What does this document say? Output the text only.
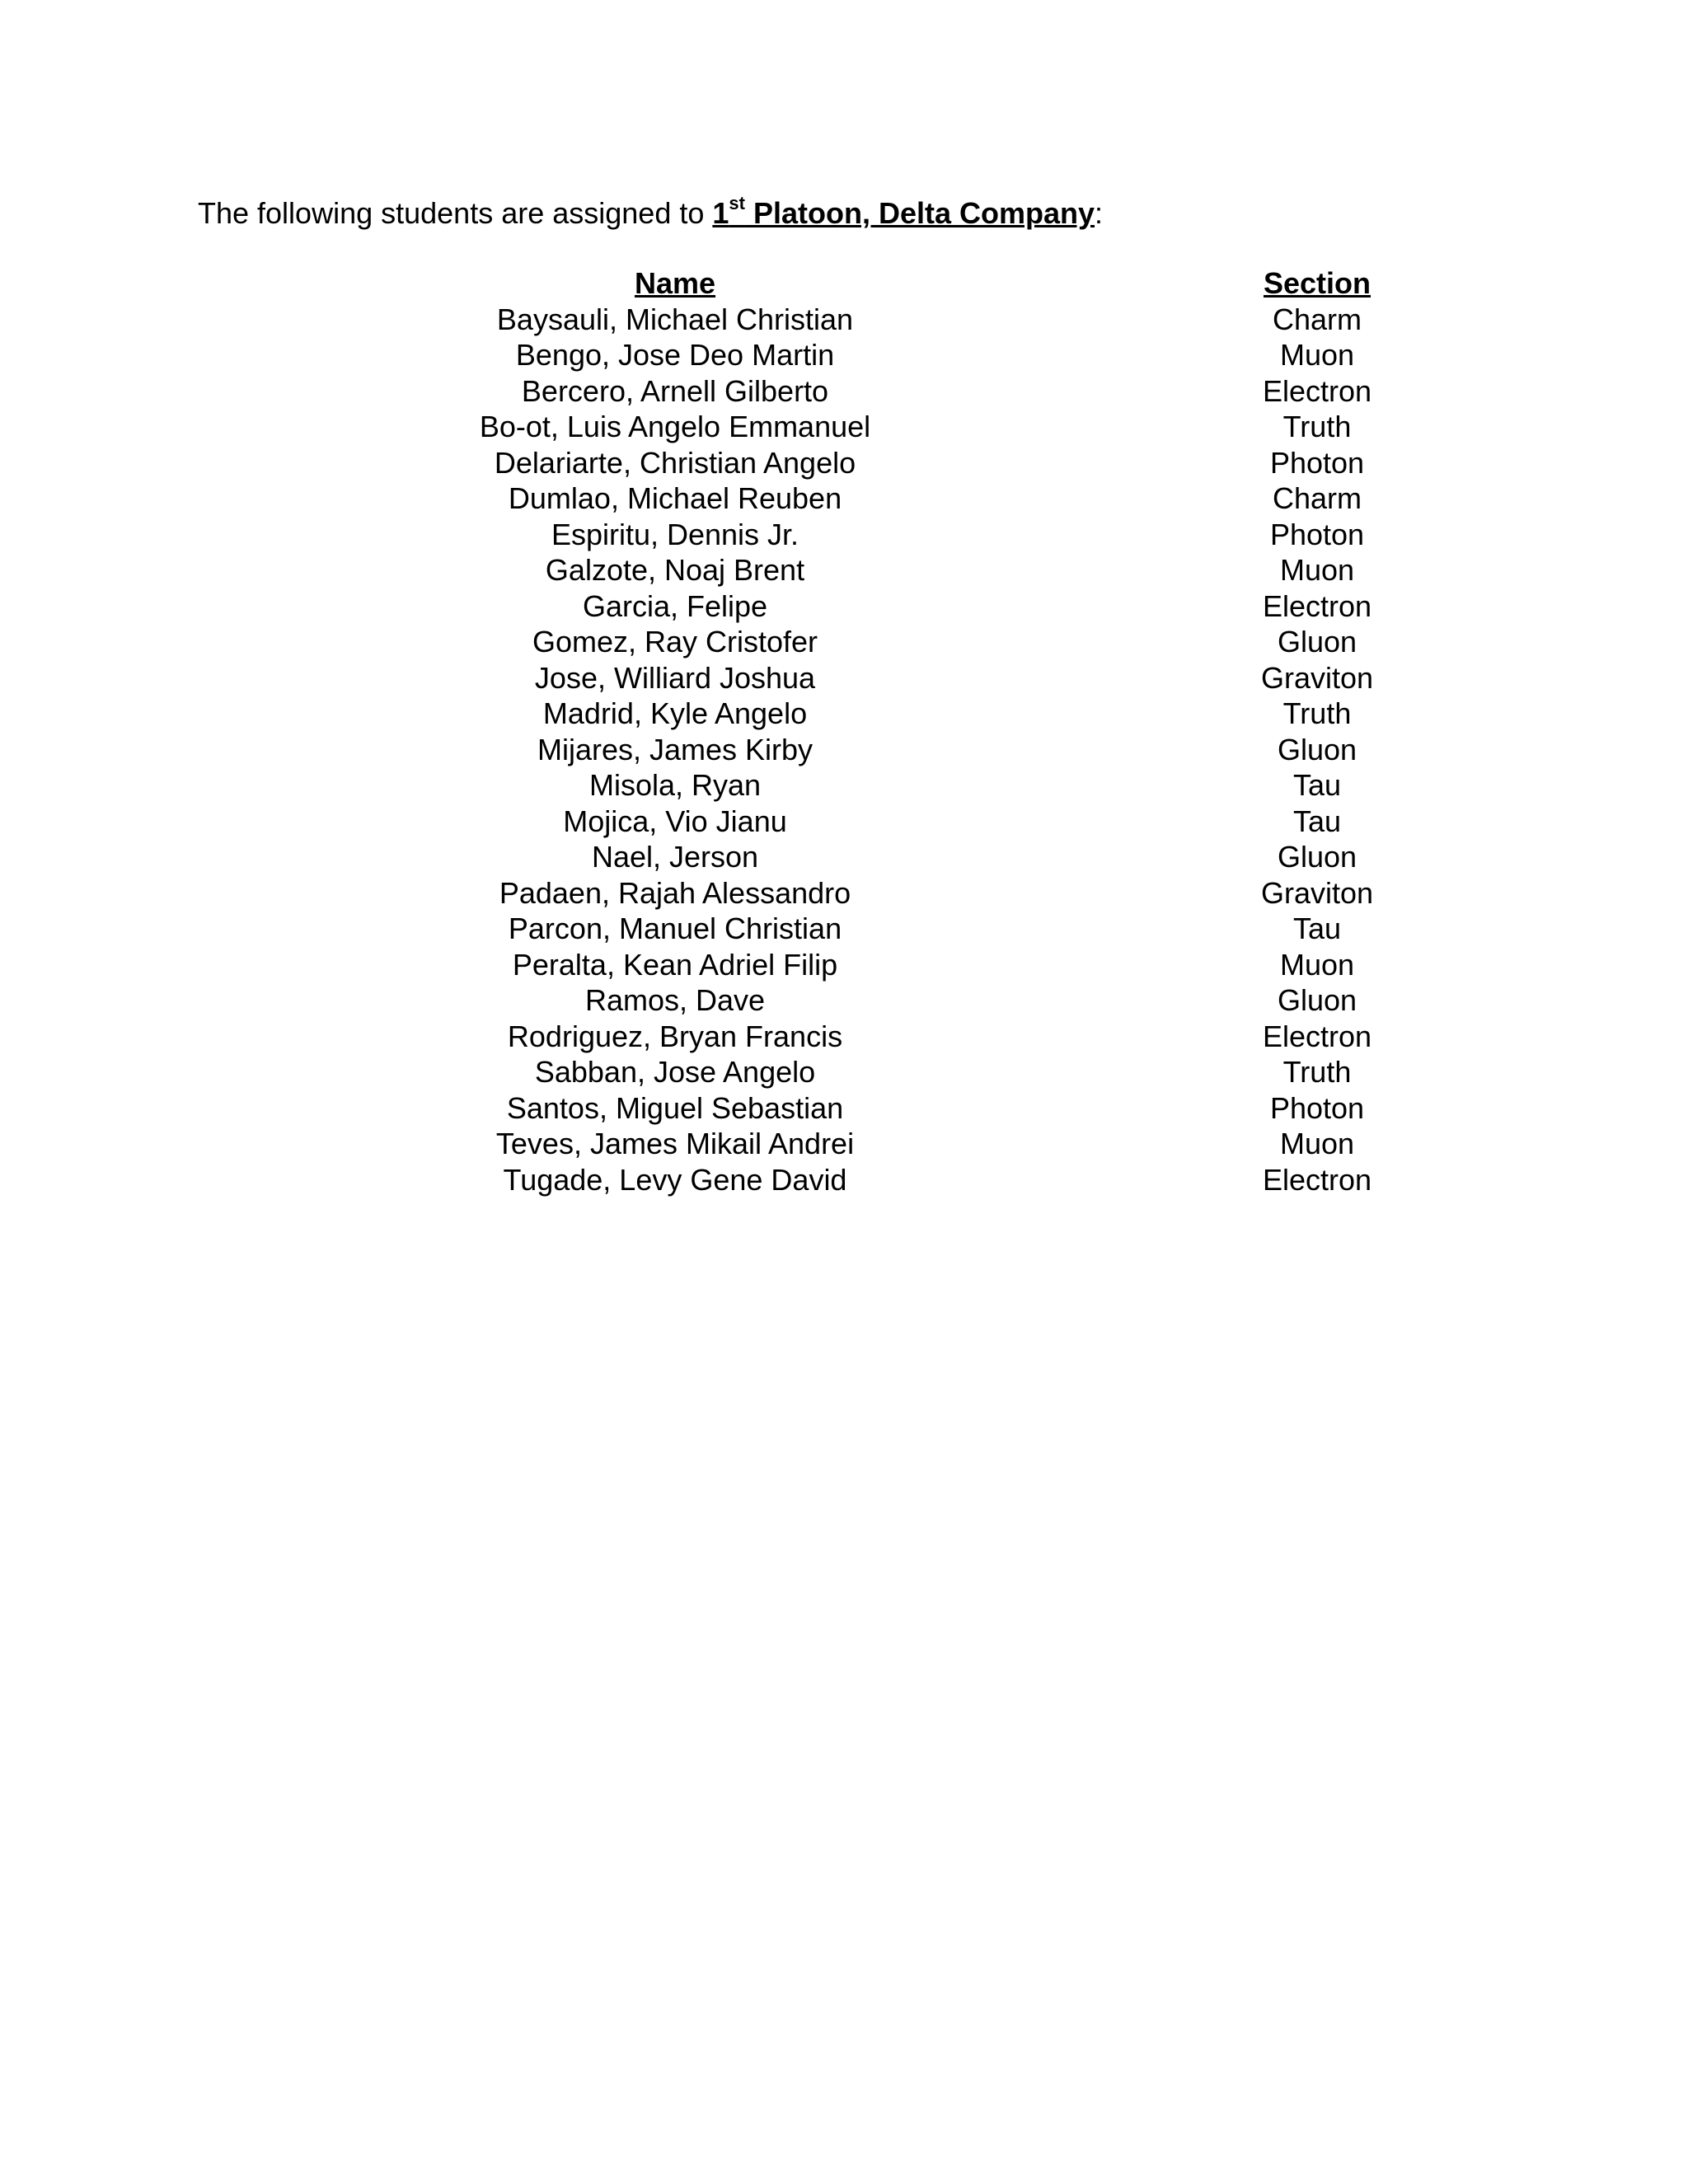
The following students are assigned to 1st Platoon, Delta Company:
Name	Section
Baysauli, Michael Christian	Charm
Bengo, Jose Deo Martin	Muon
Bercero, Arnell Gilberto	Electron
Bo-ot, Luis Angelo Emmanuel	Truth
Delariarte, Christian Angelo	Photon
Dumlao, Michael Reuben	Charm
Espiritu, Dennis Jr.	Photon
Galzote, Noaj Brent	Muon
Garcia, Felipe	Electron
Gomez, Ray Cristofer	Gluon
Jose, Williard Joshua	Graviton
Madrid, Kyle Angelo	Truth
Mijares, James Kirby	Gluon
Misola, Ryan	Tau
Mojica, Vio Jianu	Tau
Nael, Jerson	Gluon
Padaen, Rajah Alessandro	Graviton
Parcon, Manuel Christian	Tau
Peralta, Kean Adriel Filip	Muon
Ramos, Dave	Gluon
Rodriguez, Bryan Francis	Electron
Sabban, Jose Angelo	Truth
Santos, Miguel Sebastian	Photon
Teves, James Mikail Andrei	Muon
Tugade, Levy Gene David	Electron
